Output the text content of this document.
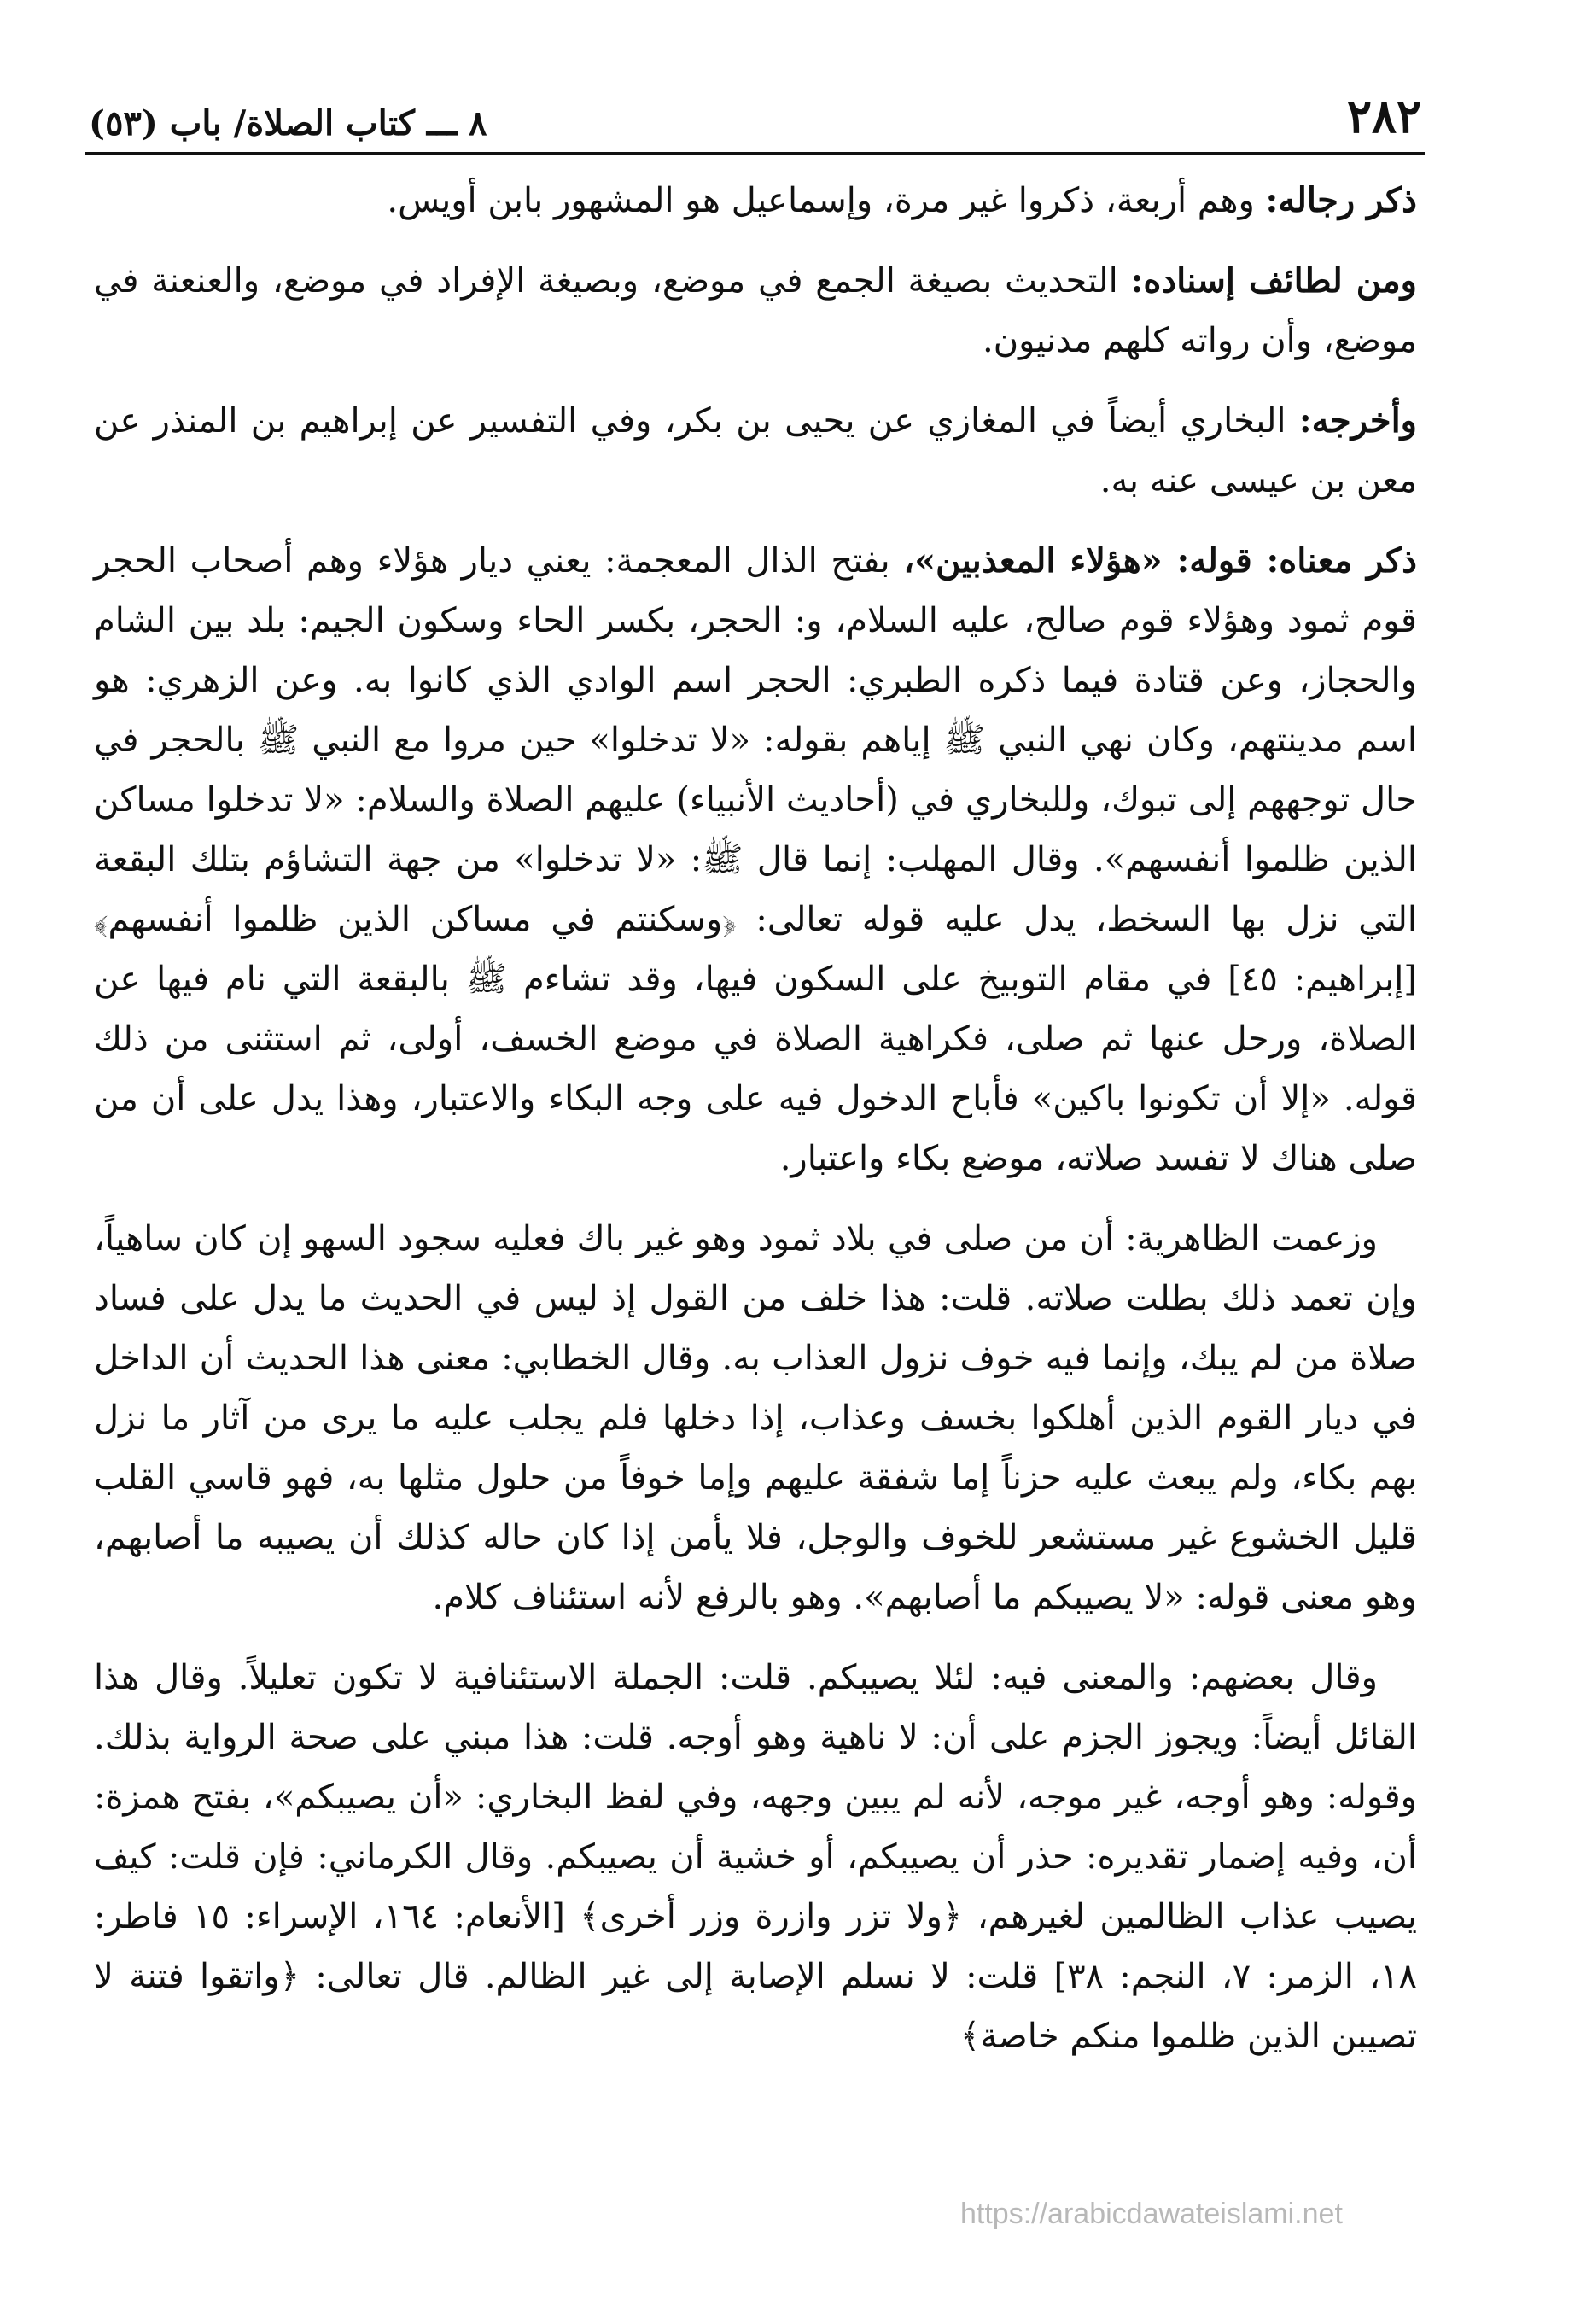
٢٨٢
٨ ـــ كتاب الصلاة/ باب (٥٣)

ذكر رجاله: وهم أربعة، ذكروا غير مرة، وإسماعيل هو المشهور بابن أويس.

ومن لطائف إسناده: التحديث بصيغة الجمع في موضع، وبصيغة الإفراد في موضع، والعنعنة في موضع، وأن رواته كلهم مدنيون.

وأخرجه: البخاري أيضاً في المغازي عن يحيى بن بكر، وفي التفسير عن إبراهيم بن المنذر عن معن بن عيسى عنه به.

ذكر معناه: قوله: «هؤلاء المعذبين»، بفتح الذال المعجمة: يعني ديار هؤلاء وهم أصحاب الحجر قوم ثمود وهؤلاء قوم صالح، عليه السلام، و: الحجر، بكسر الحاء وسكون الجيم: بلد بين الشام والحجاز، وعن قتادة فيما ذكره الطبري: الحجر اسم الوادي الذي كانوا به. وعن الزهري: هو اسم مدينتهم، وكان نهي النبي ﷺ إياهم بقوله: «لا تدخلوا» حين مروا مع النبي ﷺ بالحجر في حال توجههم إلى تبوك، وللبخاري في (أحاديث الأنبياء) عليهم الصلاة والسلام: «لا تدخلوا مساكن الذين ظلموا أنفسهم». وقال المهلب: إنما قال ﷺ: «لا تدخلوا» من جهة التشاؤم بتلك البقعة التي نزل بها السخط، يدل عليه قوله تعالى: ﴿وسكنتم في مساكن الذين ظلموا أنفسهم﴾ [إبراهيم: ٤٥] في مقام التوبيخ على السكون فيها، وقد تشاءم ﷺ بالبقعة التي نام فيها عن الصلاة، ورحل عنها ثم صلى، فكراهية الصلاة في موضع الخسف، أولى، ثم استثنى من ذلك قوله. «إلا أن تكونوا باكين» فأباح الدخول فيه على وجه البكاء والاعتبار، وهذا يدل على أن من صلى هناك لا تفسد صلاته، موضع بكاء واعتبار.

وزعمت الظاهرية: أن من صلى في بلاد ثمود وهو غير باك فعليه سجود السهو إن كان ساهياً، وإن تعمد ذلك بطلت صلاته. قلت: هذا خلف من القول إذ ليس في الحديث ما يدل على فساد صلاة من لم يبك، وإنما فيه خوف نزول العذاب به. وقال الخطابي: معنى هذا الحديث أن الداخل في ديار القوم الذين أهلكوا بخسف وعذاب، إذا دخلها فلم يجلب عليه ما يرى من آثار ما نزل بهم بكاء، ولم يبعث عليه حزناً إما شفقة عليهم وإما خوفاً من حلول مثلها به، فهو قاسي القلب قليل الخشوع غير مستشعر للخوف والوجل، فلا يأمن إذا كان حاله كذلك أن يصيبه ما أصابهم، وهو معنى قوله: «لا يصيبكم ما أصابهم». وهو بالرفع لأنه استئناف كلام.

وقال بعضهم: والمعنى فيه: لئلا يصيبكم. قلت: الجملة الاستئنافية لا تكون تعليلاً. وقال هذا القائل أيضاً: ويجوز الجزم على أن: لا ناهية وهو أوجه. قلت: هذا مبني على صحة الرواية بذلك. وقوله: وهو أوجه، غير موجه، لأنه لم يبين وجهه، وفي لفظ البخاري: «أن يصيبكم»، بفتح همزة: أن، وفيه إضمار تقديره: حذر أن يصيبكم، أو خشية أن يصيبكم. وقال الكرماني: فإن قلت: كيف يصيب عذاب الظالمين لغيرهم، ﴿ولا تزر وازرة وزر أخرى﴾ [الأنعام: ١٦٤، الإسراء: ١٥ فاطر: ١٨، الزمر: ٧، النجم: ٣٨] قلت: لا نسلم الإصابة إلى غير الظالم. قال تعالى: ﴿واتقوا فتنة لا تصيبن الذين ظلموا منكم خاصة﴾

https://arabicdawateislami.net
